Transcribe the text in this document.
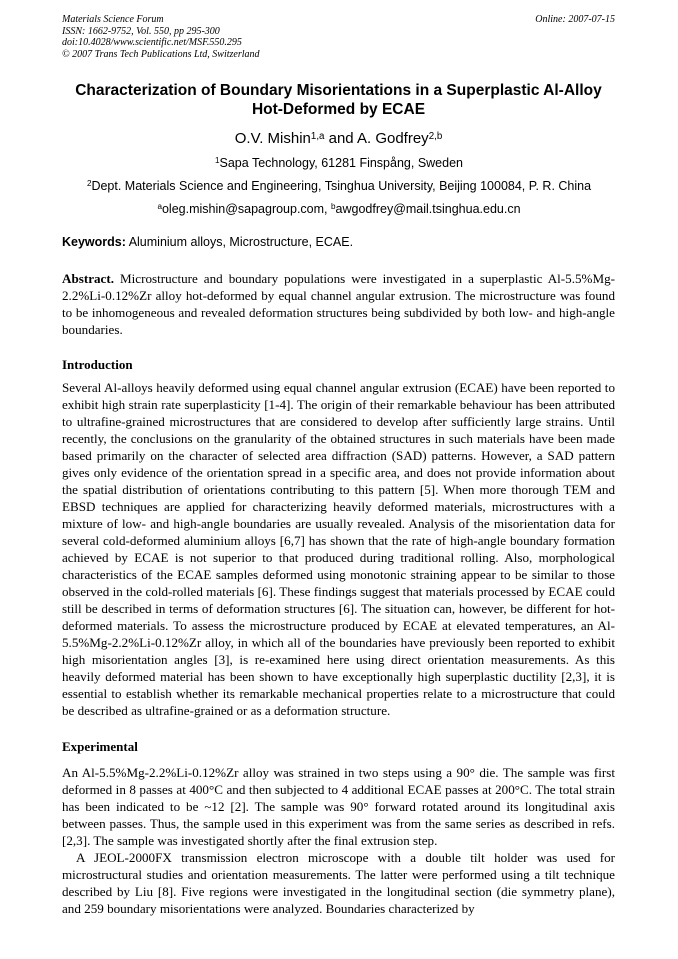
Materials Science Forum
ISSN: 1662-9752, Vol. 550, pp 295-300
doi:10.4028/www.scientific.net/MSF.550.295
© 2007 Trans Tech Publications Ltd, Switzerland
Online: 2007-07-15
Characterization of Boundary Misorientations in a Superplastic Al-Alloy Hot-Deformed by ECAE
O.V. Mishin$^{1,a}$ and A. Godfrey$^{2,b}$
$^1$Sapa Technology, 61281 Finspång, Sweden
$^2$Dept. Materials Science and Engineering, Tsinghua University, Beijing 100084, P. R. China
$^a$oleg.mishin@sapagroup.com, $^b$awgodfrey@mail.tsinghua.edu.cn
Keywords: Aluminium alloys, Microstructure, ECAE.
Abstract. Microstructure and boundary populations were investigated in a superplastic Al-5.5%Mg-2.2%Li-0.12%Zr alloy hot-deformed by equal channel angular extrusion. The microstructure was found to be inhomogeneous and revealed deformation structures being subdivided by both low- and high-angle boundaries.
Introduction
Several Al-alloys heavily deformed using equal channel angular extrusion (ECAE) have been reported to exhibit high strain rate superplasticity [1-4]. The origin of their remarkable behaviour has been attributed to ultrafine-grained microstructures that are considered to develop after sufficiently large strains. Until recently, the conclusions on the granularity of the obtained structures in such materials have been made based primarily on the character of selected area diffraction (SAD) patterns. However, a SAD pattern gives only evidence of the orientation spread in a specific area, and does not provide information about the spatial distribution of orientations contributing to this pattern [5]. When more thorough TEM and EBSD techniques are applied for characterizing heavily deformed materials, microstructures with a mixture of low- and high-angle boundaries are usually revealed. Analysis of the misorientation data for several cold-deformed aluminium alloys [6,7] has shown that the rate of high-angle boundary formation achieved by ECAE is not superior to that produced during traditional rolling. Also, morphological characteristics of the ECAE samples deformed using monotonic straining appear to be similar to those observed in the cold-rolled materials [6]. These findings suggest that materials processed by ECAE could still be described in terms of deformation structures [6]. The situation can, however, be different for hot-deformed materials. To assess the microstructure produced by ECAE at elevated temperatures, an Al-5.5%Mg-2.2%Li-0.12%Zr alloy, in which all of the boundaries have previously been reported to exhibit high misorientation angles [3], is re-examined here using direct orientation measurements. As this heavily deformed material has been shown to have exceptionally high superplastic ductility [2,3], it is essential to establish whether its remarkable mechanical properties relate to a microstructure that could be described as ultrafine-grained or as a deformation structure.
Experimental
An Al-5.5%Mg-2.2%Li-0.12%Zr alloy was strained in two steps using a 90° die. The sample was first deformed in 8 passes at 400°C and then subjected to 4 additional ECAE passes at 200°C. The total strain has been indicated to be ~12 [2]. The sample was 90° forward rotated around its longitudinal axis between passes. Thus, the sample used in this experiment was from the same series as described in refs.[2,3]. The sample was investigated shortly after the final extrusion step.
A JEOL-2000FX transmission electron microscope with a double tilt holder was used for microstructural studies and orientation measurements. The latter were performed using a tilt technique described by Liu [8]. Five regions were investigated in the longitudinal section (die symmetry plane), and 259 boundary misorientations were analyzed. Boundaries characterized by
